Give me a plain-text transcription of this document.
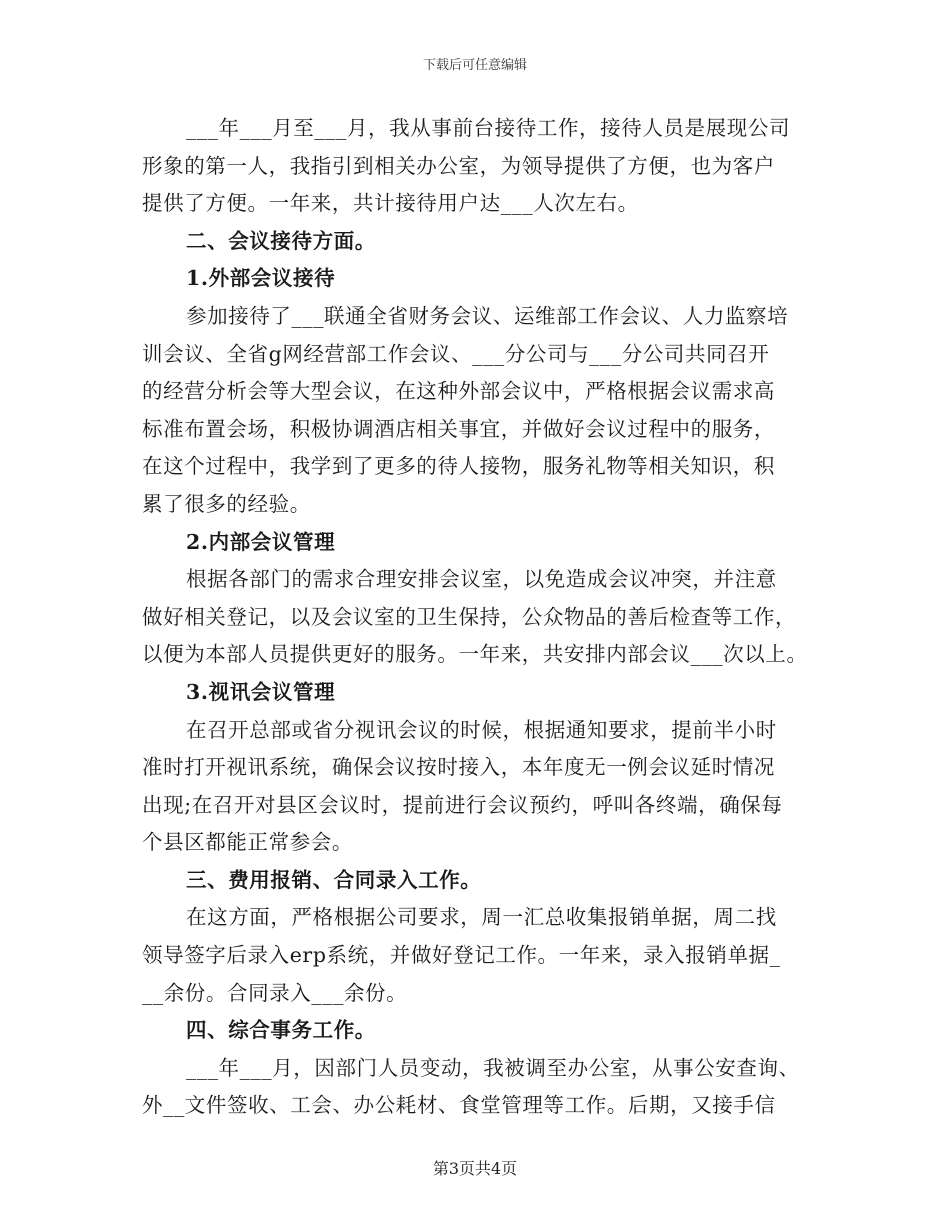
下载后可任意编辑
___年___月至___月，我从事前台接待工作，接待人员是展现公司
形象的第一人，我指引到相关办公室，为领导提供了方便，也为客户
提供了方便。一年来，共计接待用户达___人次左右。
二、会议接待方面。
1.外部会议接待
参加接待了___联通全省财务会议、运维部工作会议、人力监察培
训会议、全省g网经营部工作会议、___分公司与___分公司共同召开
的经营分析会等大型会议，在这种外部会议中，严格根据会议需求高
标准布置会场，积极协调酒店相关事宜，并做好会议过程中的服务，
在这个过程中，我学到了更多的待人接物，服务礼物等相关知识，积
累了很多的经验。
2.内部会议管理
根据各部门的需求合理安排会议室，以免造成会议冲突，并注意
做好相关登记，以及会议室的卫生保持，公众物品的善后检查等工作，
以便为本部人员提供更好的服务。一年来，共安排内部会议___次以上。
3.视讯会议管理
在召开总部或省分视讯会议的时候，根据通知要求，提前半小时
准时打开视讯系统，确保会议按时接入，本年度无一例会议延时情况
出现;在召开对县区会议时，提前进行会议预约，呼叫各终端，确保每
个县区都能正常参会。
三、费用报销、合同录入工作。
在这方面，严格根据公司要求，周一汇总收集报销单据，周二找
领导签字后录入erp系统，并做好登记工作。一年来，录入报销单据_
__余份。合同录入___余份。
四、综合事务工作。
___年___月，因部门人员变动，我被调至办公室，从事公安查询、
外__文件签收、工会、办公耗材、食堂管理等工作。后期，又接手信
第3页共4页
